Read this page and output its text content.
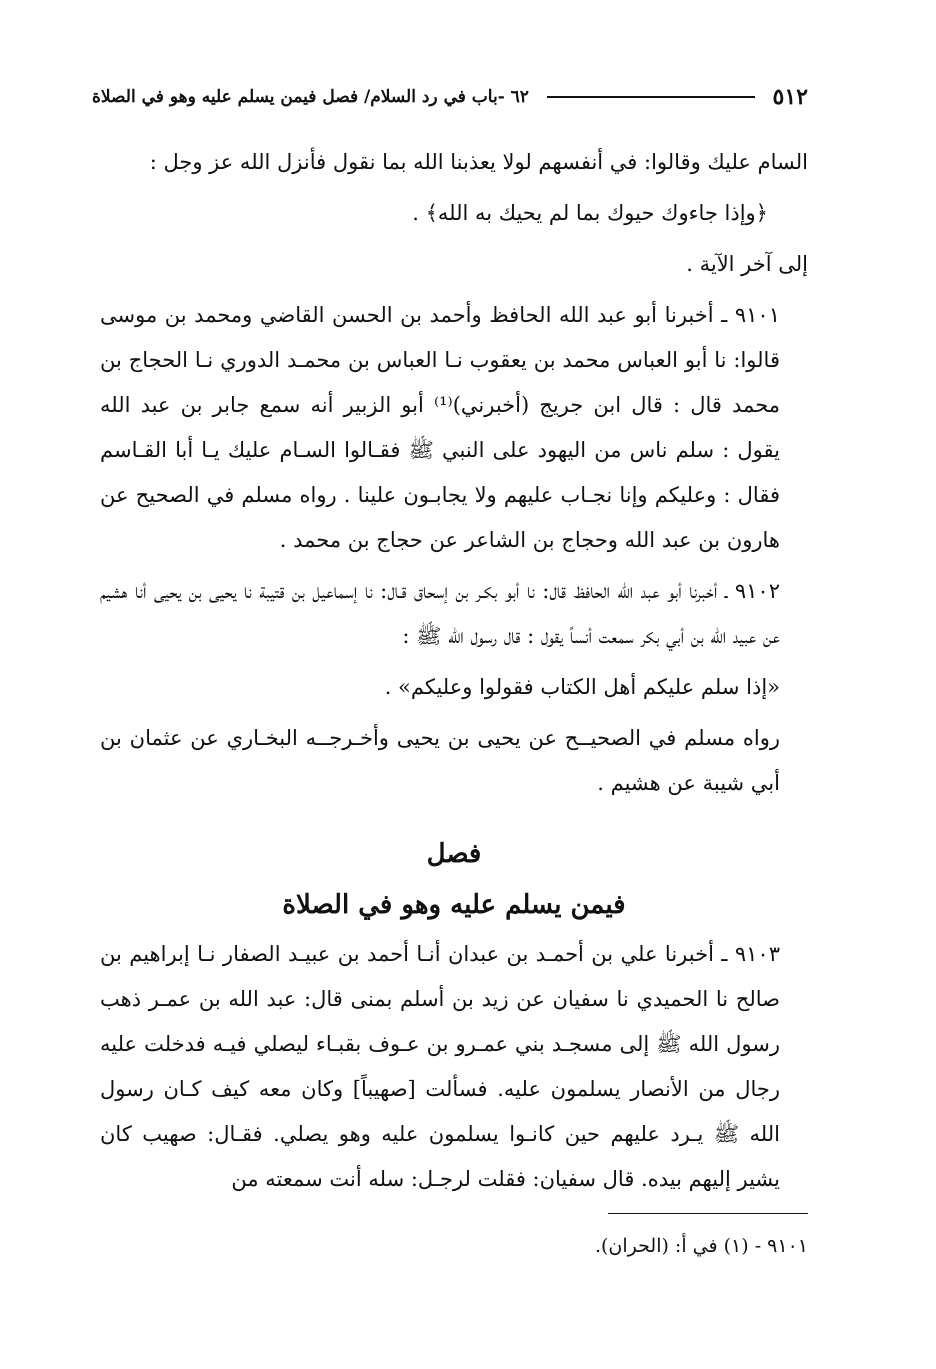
٥١٢
٦٢ -باب في رد السلام/ فصل فيمن يسلم عليه وهو في الصلاة

السام عليك وقالوا: في أنفسهم لولا يعذبنا الله بما نقول فأنزل الله عز وجل :

﴿وإذا جاءوك حيوك بما لم يحيك به الله﴾ .

إلى آخر الآية .

٩١٠١ ـ أخبرنا أبو عبد الله الحافظ وأحمد بن الحسن القاضي ومحمد بن موسى قالوا: نا أبو العباس محمد بن يعقوب نـا العباس بن محمـد الدوري نـا الحجاج بن محمد قال : قال ابن جريج (أخبرني)⁽¹⁾ أبو الزبير أنه سمع جابر بن عبد الله يقول : سلم ناس من اليهود على النبي ﷺ فقـالوا السـام عليك يـا أبا القـاسم فقال : وعليكم وإنا نجـاب عليهم ولا يجابـون علينا . رواه مسلم في الصحيح عن هارون بن عبد الله وحجاج بن الشاعر عن حجاج بن محمد .

٩١٠٢ ـ أخبرنا أبو عبد الله الحافظ قال: نا أبو بكـر بن إسحاق قـال: نا إسماعيل بن قتيبة نا يحيى بن يحيى أنا هشيم عن عبيد الله بن أبي بكر سمعت أنساً يقول : قال رسول الله ﷺ :

«إذا سلم عليكم أهل الكتاب فقولوا وعليكم» .

رواه مسلم في الصحيــح عن يحيى بن يحيى وأخـرجــه البخـاري عن عثمان بن أبي شيبة عن هشيم .

فصل

فيمن يسلم عليه وهو في الصلاة

٩١٠٣ ـ أخبرنا علي بن أحمـد بن عبدان أنـا أحمد بن عبيـد الصفار نـا إبراهيم بن صالح نا الحميدي نا سفيان عن زيد بن أسلم بمنى قال: عبد الله بن عمـر ذهب رسول الله ﷺ إلى مسجـد بني عمـرو بن عـوف بقبـاء ليصلي فيـه فدخلت عليه رجال من الأنصار يسلمون عليه. فسألت [صهيباً] وكان معه كيف كـان رسول الله ﷺ يـرد عليهم حين كانـوا يسلمون عليه وهو يصلي. فقـال: صهيب كان يشير إليهم بيده. قال سفيان: فقلت لرجـل: سله أنت سمعته من

٩١٠١ - (١) في أ: (الحران).
